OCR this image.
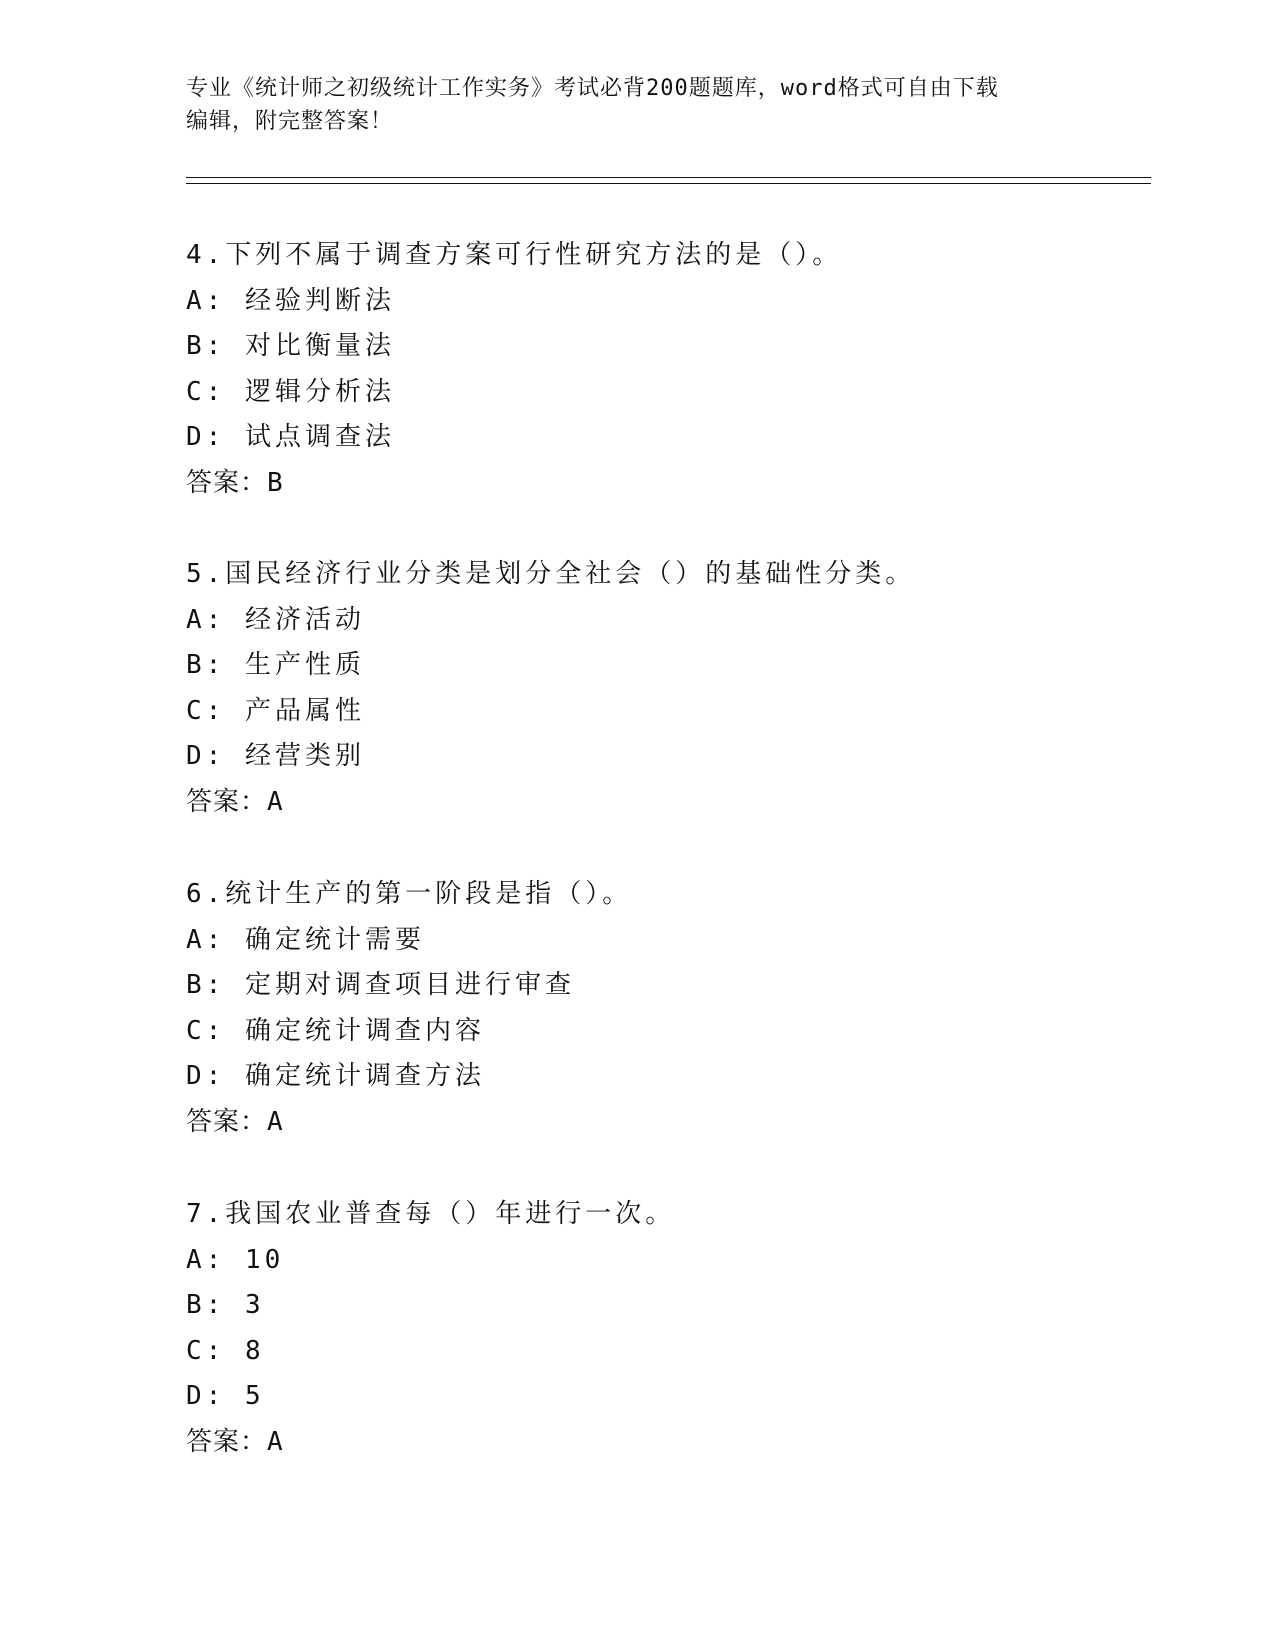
专业《统计师之初级统计工作实务》考试必背200题题库，word格式可自由下载
编辑，附完整答案！
4.下列不属于调查方案可行性研究方法的是（）。
A: 经验判断法
B: 对比衡量法
C: 逻辑分析法
D: 试点调查法
答案：B
5.国民经济行业分类是划分全社会（）的基础性分类。
A: 经济活动
B: 生产性质
C: 产品属性
D: 经营类别
答案：A
6.统计生产的第一阶段是指（）。
A: 确定统计需要
B: 定期对调查项目进行审查
C: 确定统计调查内容
D: 确定统计调查方法
答案：A
7.我国农业普查每（）年进行一次。
A: 10
B: 3
C: 8
D: 5
答案：A
